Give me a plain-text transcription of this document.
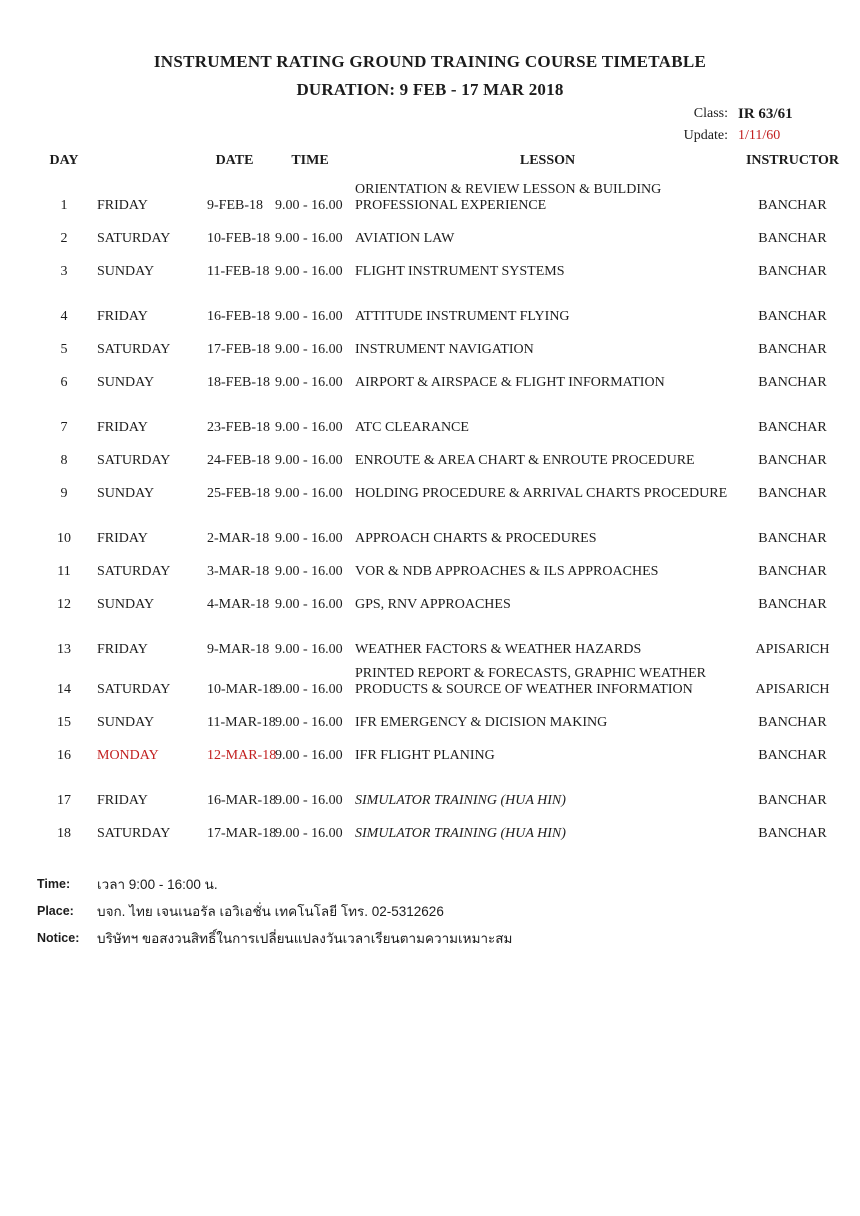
INSTRUMENT RATING GROUND TRAINING COURSE TIMETABLE
DURATION: 9 FEB - 17 MAR 2018
Class: IR 63/61
Update: 1/11/60
DAY	DATE	TIME	LESSON	INSTRUCTOR
1	FRIDAY	9-FEB-18 9.00 - 16.00
ORIENTATION & REVIEW LESSON & BUILDING
PROFESSIONAL EXPERIENCE	BANCHAR
2	SATURDAY	10-FEB-18 9.00 - 16.00 AVIATION LAW	BANCHAR
3	SUNDAY	11-FEB-18 9.00 - 16.00 FLIGHT INSTRUMENT SYSTEMS	BANCHAR
4	FRIDAY	16-FEB-18 9.00 - 16.00 ATTITUDE INSTRUMENT FLYING	BANCHAR
5	SATURDAY	17-FEB-18 9.00 - 16.00 INSTRUMENT NAVIGATION	BANCHAR
6	SUNDAY	18-FEB-18 9.00 - 16.00 AIRPORT & AIRSPACE & FLIGHT INFORMATION	BANCHAR
7	FRIDAY	23-FEB-18 9.00 - 16.00 ATC CLEARANCE	BANCHAR
8	SATURDAY	24-FEB-18 9.00 - 16.00 ENROUTE & AREA CHART & ENROUTE PROCEDURE	BANCHAR
9	SUNDAY	25-FEB-18 9.00 - 16.00 HOLDING PROCEDURE & ARRIVAL CHARTS PROCEDURE	BANCHAR
10	FRIDAY	2-MAR-18 9.00 - 16.00 APPROACH CHARTS & PROCEDURES	BANCHAR
11	SATURDAY	3-MAR-18 9.00 - 16.00 VOR & NDB APPROACHES & ILS APPROACHES	BANCHAR
12	SUNDAY	4-MAR-18 9.00 - 16.00 GPS, RNV APPROACHES	BANCHAR
13	FRIDAY	9-MAR-18 9.00 - 16.00 WEATHER FACTORS & WEATHER HAZARDS	APISARICH
14	SATURDAY	10-MAR-18
9.00 - 16.00
PRINTED REPORT & FORECASTS, GRAPHIC WEATHER
PRODUCTS & SOURCE OF WEATHER INFORMATION	APISARICH
15	SUNDAY	11-MAR-18 9.00 - 16.00 IFR EMERGENCY & DICISION MAKING	BANCHAR
16	MONDAY	12-MAR-18
9.00 - 16.00 IFR FLIGHT PLANING	BANCHAR
17	FRIDAY	16-MAR-18
9.00 - 16.00 SIMULATOR TRAINING (HUA HIN)	BANCHAR
18	SATURDAY	17-MAR-18
9.00 - 16.00 SIMULATOR TRAINING (HUA HIN)	BANCHAR
Time:	เวลา 9:00 - 16:00 น.
Place:	บจก. ไทย เจนเนอรัล เอวิเอชั่น เทคโนโลยี โทร. 02-5312626
Notice:	บริษัทฯ ขอสงวนสิทธิ์ในการเปลี่ยนแปลงวันเวลาเรียนตามความเหมาะสม
